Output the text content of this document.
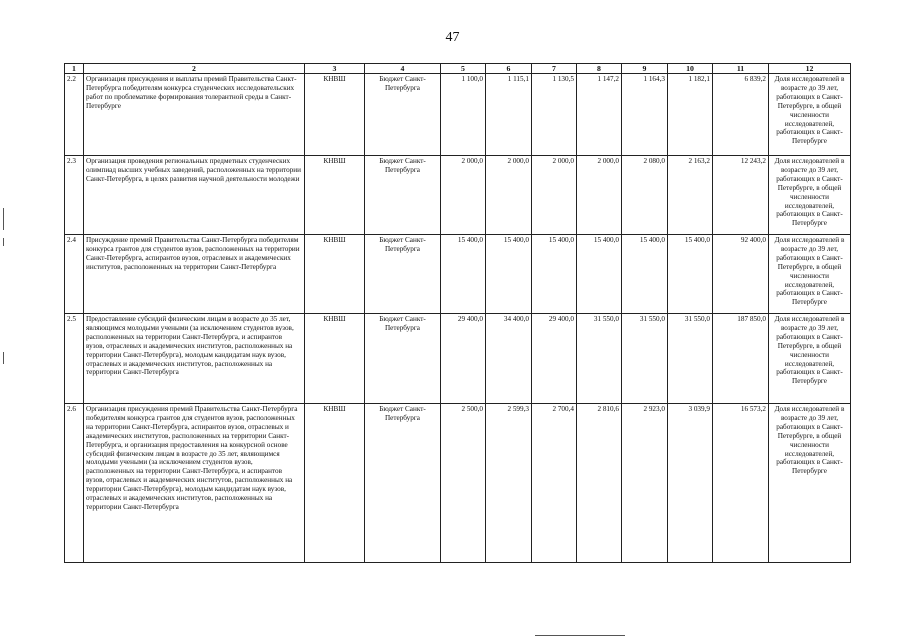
47
1	2	3	4	5	6	7	8	9	10	11	12
2.2	Организация присуждения и выплаты премий Правительства Санкт-Петербурга победителям конкурса студенческих исследовательских работ по проблематике формирования толерантной среды в Санкт-Петербурге	КНВШ	Бюджет Санкт-Петербурга	1 100,0	1 115,1	1 130,5	1 147,2	1 164,3	1 182,1	6 839,2	Доля исследователей в возрасте до 39 лет, работающих в Санкт-Петербурге, в общей численности исследователей, работающих в Санкт-Петербурге
2.3	Организация проведения региональных предметных студенческих олимпиад высших учебных заведений, расположенных на территории Санкт-Петербурга, в целях развития научной деятельности молодежи	КНВШ	Бюджет Санкт-Петербурга	2 000,0	2 000,0	2 000,0	2 000,0	2 080,0	2 163,2	12 243,2	Доля исследователей в возрасте до 39 лет, работающих в Санкт-Петербурге, в общей численности исследователей, работающих в Санкт-Петербурге
2.4	Присуждение премий Правительства Санкт-Петербурга победителям конкурса грантов для студентов вузов, расположенных на территории Санкт-Петербурга, аспирантов вузов, отраслевых и академических институтов, расположенных на территории Санкт-Петербурга	КНВШ	Бюджет Санкт-Петербурга	15 400,0	15 400,0	15 400,0	15 400,0	15 400,0	15 400,0	92 400,0	Доля исследователей в возрасте до 39 лет, работающих в Санкт-Петербурге, в общей численности исследователей, работающих в Санкт-Петербурге
2.5	Предоставление субсидий физическим лицам в возрасте до 35 лет, являющимся молодыми учеными (за исключением студентов вузов, расположенных на территории Санкт-Петербурга, и аспирантов вузов, отраслевых и академических институтов, расположенных на территории Санкт-Петербурга), молодым кандидатам наук вузов, отраслевых и академических институтов, расположенных на территории Санкт-Петербурга	КНВШ	Бюджет Санкт-Петербурга	29 400,0	34 400,0	29 400,0	31 550,0	31 550,0	31 550,0	187 850,0	Доля исследователей в возрасте до 39 лет, работающих в Санкт-Петербурге, в общей численности исследователей, работающих в Санкт-Петербурге
2.6	Организация присуждения премий Правительства Санкт-Петербурга победителям конкурса грантов для студентов вузов, расположенных на территории Санкт-Петербурга, аспирантов вузов, отраслевых и академических институтов, расположенных на территории Санкт-Петербурга, и организация предоставления на конкурсной основе субсидий физическим лицам в возрасте до 35 лет, являющимся молодыми учеными (за исключением студентов вузов, расположенных на территории Санкт-Петербурга, и аспирантов вузов, отраслевых и академических институтов, расположенных на территории Санкт-Петербурга), молодым кандидатам наук вузов, отраслевых и академических институтов, расположенных на территории Санкт-Петербурга	КНВШ	Бюджет Санкт-Петербурга	2 500,0	2 599,3	2 700,4	2 810,6	2 923,0	3 039,9	16 573,2	Доля исследователей в возрасте до 39 лет, работающих в Санкт-Петербурге, в общей численности исследователей, работающих в Санкт-Петербурге
